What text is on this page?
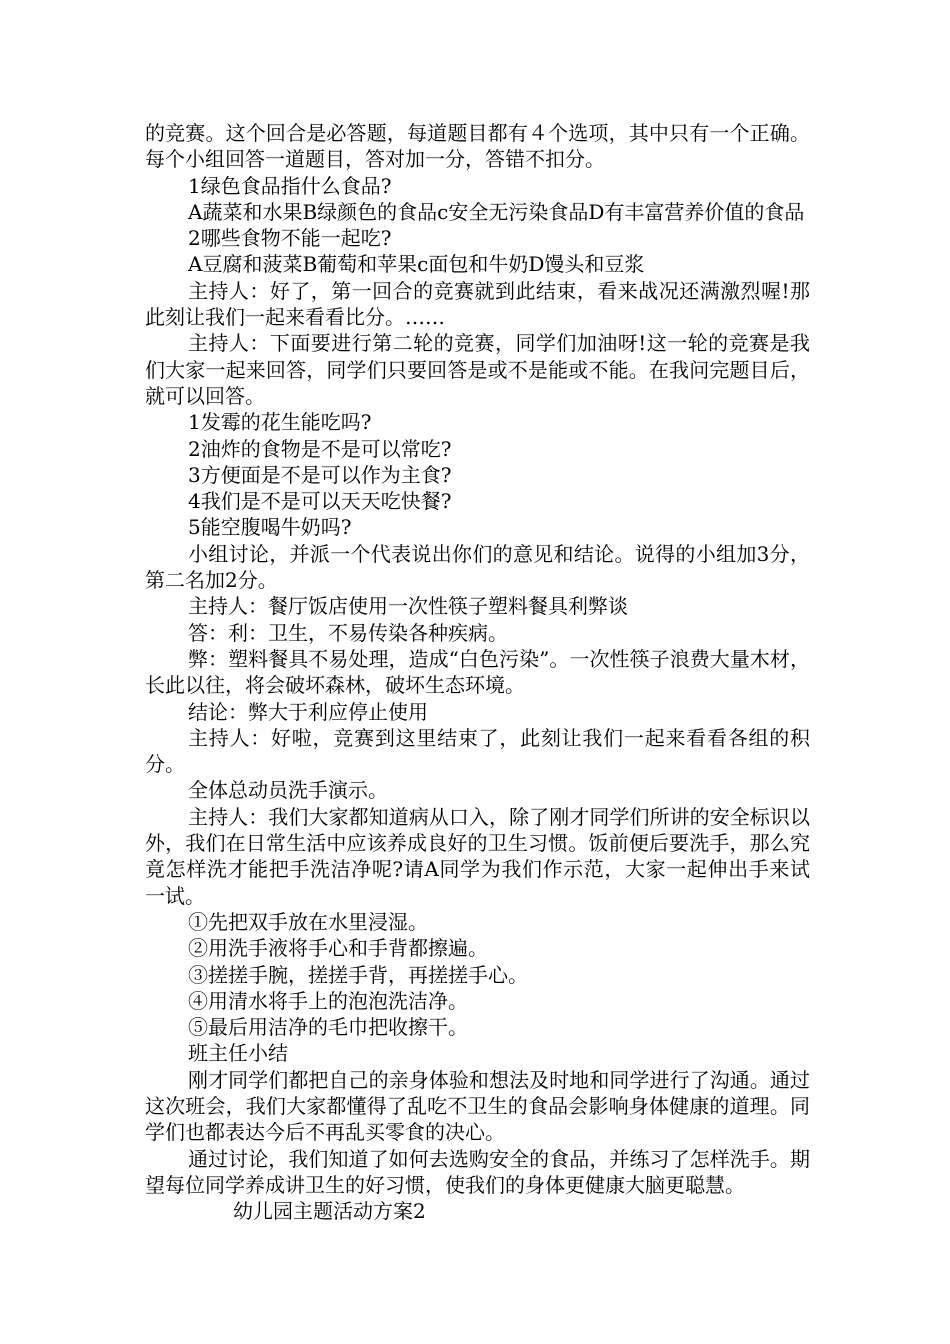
的竞赛。这个回合是必答题，每道题目都有４个选项，其中只有一个正确。每个小组回答一道题目，答对加一分，答错不扣分。

1绿色食品指什么食品?

A蔬菜和水果B绿颜色的食品c安全无污染食品D有丰富营养价值的食品

2哪些食物不能一起吃?

A豆腐和菠菜B葡萄和苹果c面包和牛奶D馒头和豆浆

主持人：好了，第一回合的竞赛就到此结束，看来战况还满激烈喔!那此刻让我们一起来看看比分。……

主持人：下面要进行第二轮的竞赛，同学们加油呀!这一轮的竞赛是我们大家一起来回答，同学们只要回答是或不是能或不能。在我问完题目后，就可以回答。

1发霉的花生能吃吗?

2油炸的食物是不是可以常吃?

3方便面是不是可以作为主食?

4我们是不是可以天天吃快餐?

5能空腹喝牛奶吗?

小组讨论，并派一个代表说出你们的意见和结论。说得的小组加3分，第二名加2分。

主持人：餐厅饭店使用一次性筷子塑料餐具利弊谈

答：利：卫生，不易传染各种疾病。

弊：塑料餐具不易处理，造成“白色污染”。一次性筷子浪费大量木材，长此以往，将会破坏森林，破坏生态环境。

结论：弊大于利应停止使用

主持人：好啦，竞赛到这里结束了，此刻让我们一起来看看各组的积分。

全体总动员洗手演示。

主持人：我们大家都知道病从口入，除了刚才同学们所讲的安全标识以外，我们在日常生活中应该养成良好的卫生习惯。饭前便后要洗手，那么究竟怎样洗才能把手洗洁净呢?请A同学为我们作示范，大家一起伸出手来试一试。

①先把双手放在水里浸湿。

②用洗手液将手心和手背都擦遍。

③搓搓手腕，搓搓手背，再搓搓手心。

④用清水将手上的泡泡洗洁净。

⑤最后用洁净的毛巾把收擦干。

班主任小结

刚才同学们都把自己的亲身体验和想法及时地和同学进行了沟通。通过这次班会，我们大家都懂得了乱吃不卫生的食品会影响身体健康的道理。同学们也都表达今后不再乱买零食的决心。

通过讨论，我们知道了如何去选购安全的食品，并练习了怎样洗手。期望每位同学养成讲卫生的好习惯，使我们的身体更健康大脑更聪慧。

幼儿园主题活动方案2
